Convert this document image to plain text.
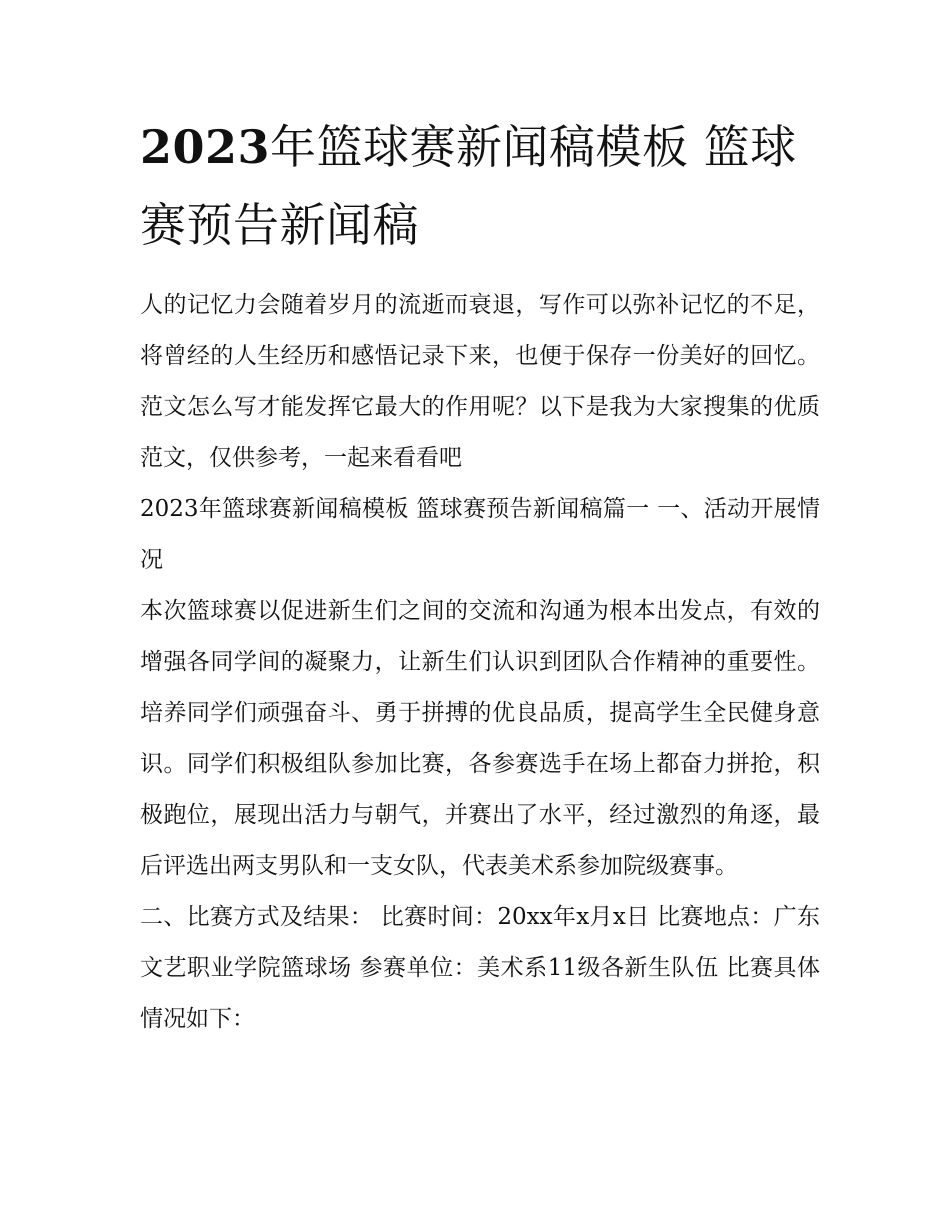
2023年篮球赛新闻稿模板 篮球赛预告新闻稿

人的记忆力会随着岁月的流逝而衰退，写作可以弥补记忆的不足，将曾经的人生经历和感悟记录下来，也便于保存一份美好的回忆。范文怎么写才能发挥它最大的作用呢？以下是我为大家搜集的优质范文，仅供参考，一起来看看吧

2023年篮球赛新闻稿模板 篮球赛预告新闻稿篇一 一、活动开展情况

本次篮球赛以促进新生们之间的交流和沟通为根本出发点，有效的增强各同学间的凝聚力，让新生们认识到团队合作精神的重要性。培养同学们顽强奋斗、勇于拼搏的优良品质，提高学生全民健身意识。同学们积极组队参加比赛，各参赛选手在场上都奋力拼抢，积极跑位，展现出活力与朝气，并赛出了水平，经过激烈的角逐，最后评选出两支男队和一支女队，代表美术系参加院级赛事。

二、比赛方式及结果： 比赛时间：20xx年x月x日 比赛地点：广东文艺职业学院篮球场 参赛单位：美术系11级各新生队伍 比赛具体情况如下：
